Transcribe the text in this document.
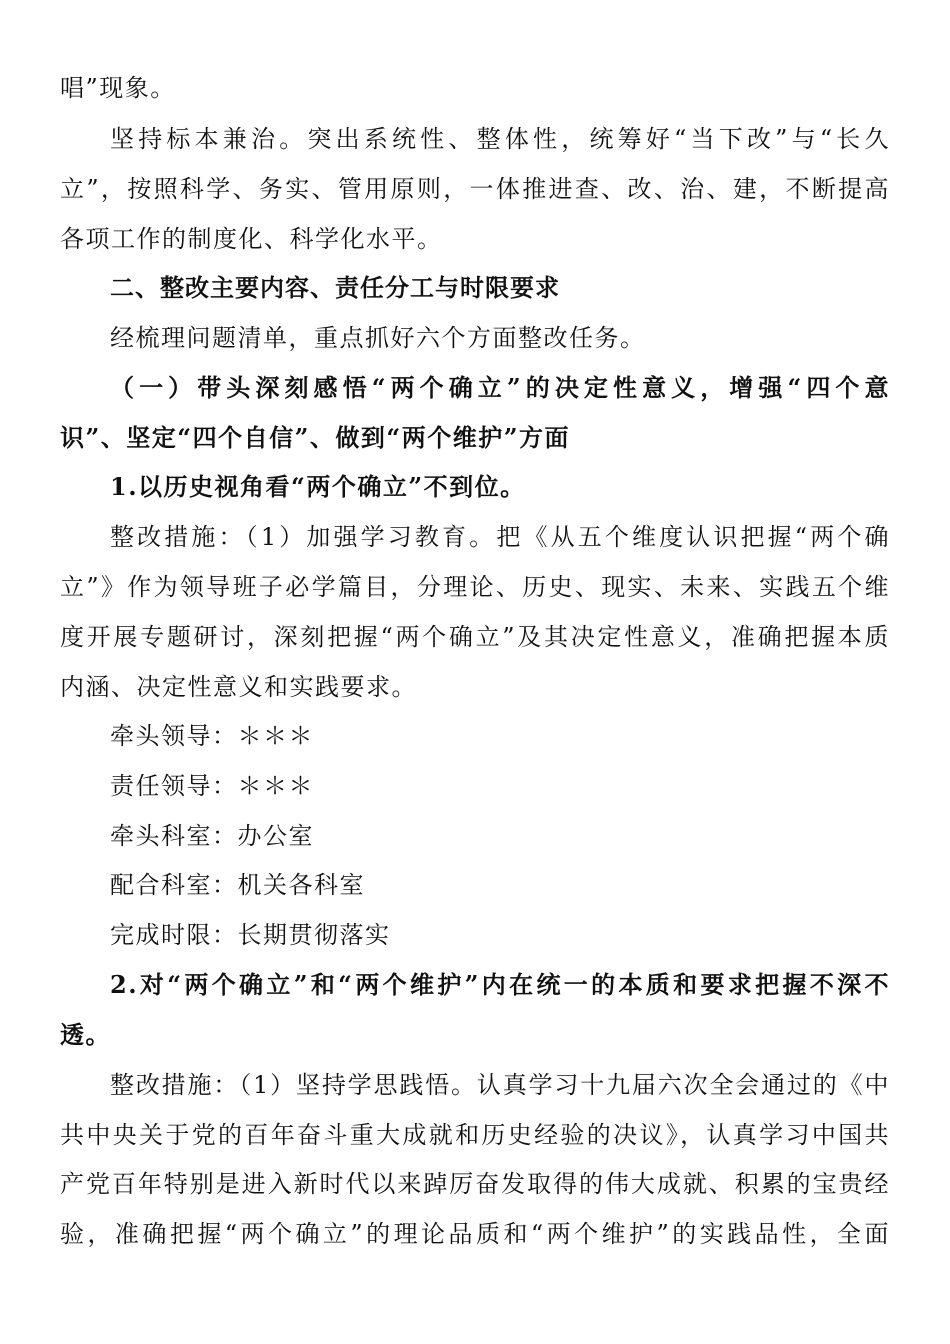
唱”现象。
坚持标本兼治。突出系统性、整体性，统筹好“当下改”与“长久
立”，按照科学、务实、管用原则，一体推进查、改、治、建，不断提高
各项工作的制度化、科学化水平。
二、整改主要内容、责任分工与时限要求
经梳理问题清单，重点抓好六个方面整改任务。
（一）带头深刻感悟“两个确立”的决定性意义，增强“四个意
识”、坚定“四个自信”、做到“两个维护”方面
1.以历史视角看“两个确立”不到位。
整改措施：（1）加强学习教育。把《从五个维度认识把握“两个确
立”》作为领导班子必学篇目，分理论、历史、现实、未来、实践五个维
度开展专题研讨，深刻把握“两个确立”及其决定性意义，准确把握本质
内涵、决定性意义和实践要求。
牵头领导：＊＊＊
责任领导：＊＊＊
牵头科室：办公室
配合科室：机关各科室
完成时限：长期贯彻落实
2.对“两个确立”和“两个维护”内在统一的本质和要求把握不深不
透。
整改措施：（1）坚持学思践悟。认真学习十九届六次全会通过的《中
共中央关于党的百年奋斗重大成就和历史经验的决议》，认真学习中国共
产党百年特别是进入新时代以来踔厉奋发取得的伟大成就、积累的宝贵经
验，准确把握“两个确立”的理论品质和“两个维护”的实践品性，全面
